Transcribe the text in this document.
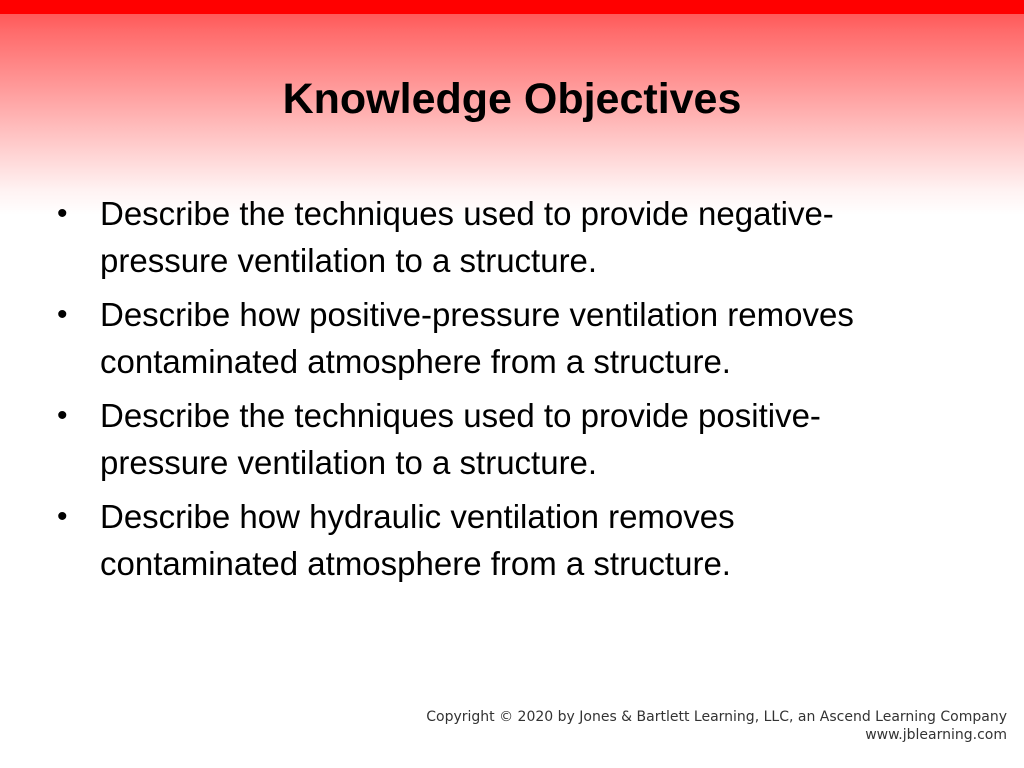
Knowledge Objectives
• Describe the techniques used to provide negative-pressure ventilation to a structure.
• Describe how positive-pressure ventilation removes contaminated atmosphere from a structure.
• Describe the techniques used to provide positive-pressure ventilation to a structure.
• Describe how hydraulic ventilation removes contaminated atmosphere from a structure.
Copyright © 2020 by Jones & Bartlett Learning, LLC, an Ascend Learning Company
www.jblearning.com
